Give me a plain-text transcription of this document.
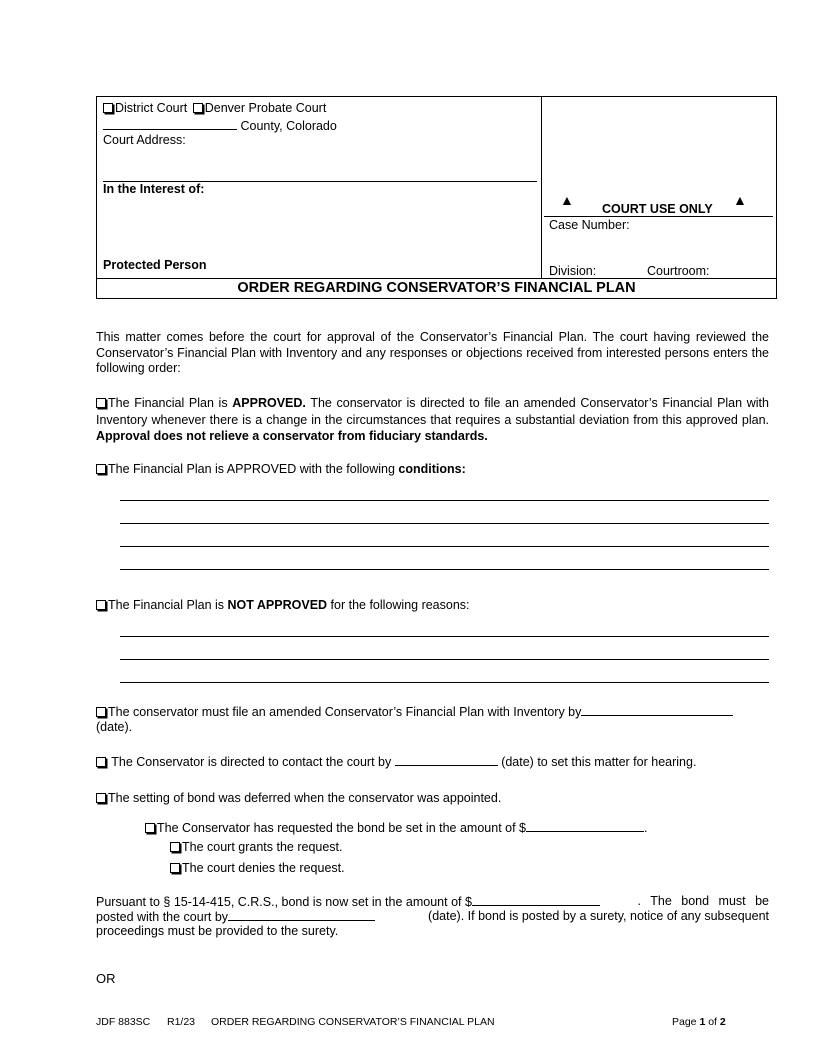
District Court Denver Probate Court
County, Colorado
Court Address:
In the Interest of:
Protected Person
▲
COURT USE ONLY
▲
Case Number:
Division:	Courtroom:
ORDER REGARDING CONSERVATOR’S FINANCIAL PLAN
This matter comes before the court for approval of the Conservator’s Financial Plan. The court having reviewed the Conservator’s Financial Plan with Inventory and any responses or objections received from interested persons enters the following order:
The Financial Plan is APPROVED. The conservator is directed to file an amended Conservator’s Financial Plan with Inventory whenever there is a change in the circumstances that requires a substantial deviation from this approved plan. Approval does not relieve a conservator from fiduciary standards.
The Financial Plan is APPROVED with the following conditions:
The Financial Plan is NOT APPROVED for the following reasons:
The conservator must file an amended Conservator’s Financial Plan with Inventory by
(date).
The Conservator is directed to contact the court by	(date) to set this matter for hearing.
The setting of bond was deferred when the conservator was appointed.
The Conservator has requested the bond be set in the amount of $	.
The court grants the request.
The court denies the request.
Pursuant to § 15-14-415, C.R.S., bond is now set in the amount of $	. The bond must be
posted with the court by	(date). If bond is posted by a surety, notice of any subsequent
proceedings must be provided to the surety.
OR
JDF 883SC R1/23 ORDER REGARDING CONSERVATOR’S FINANCIAL PLAN	Page 1 of 2
